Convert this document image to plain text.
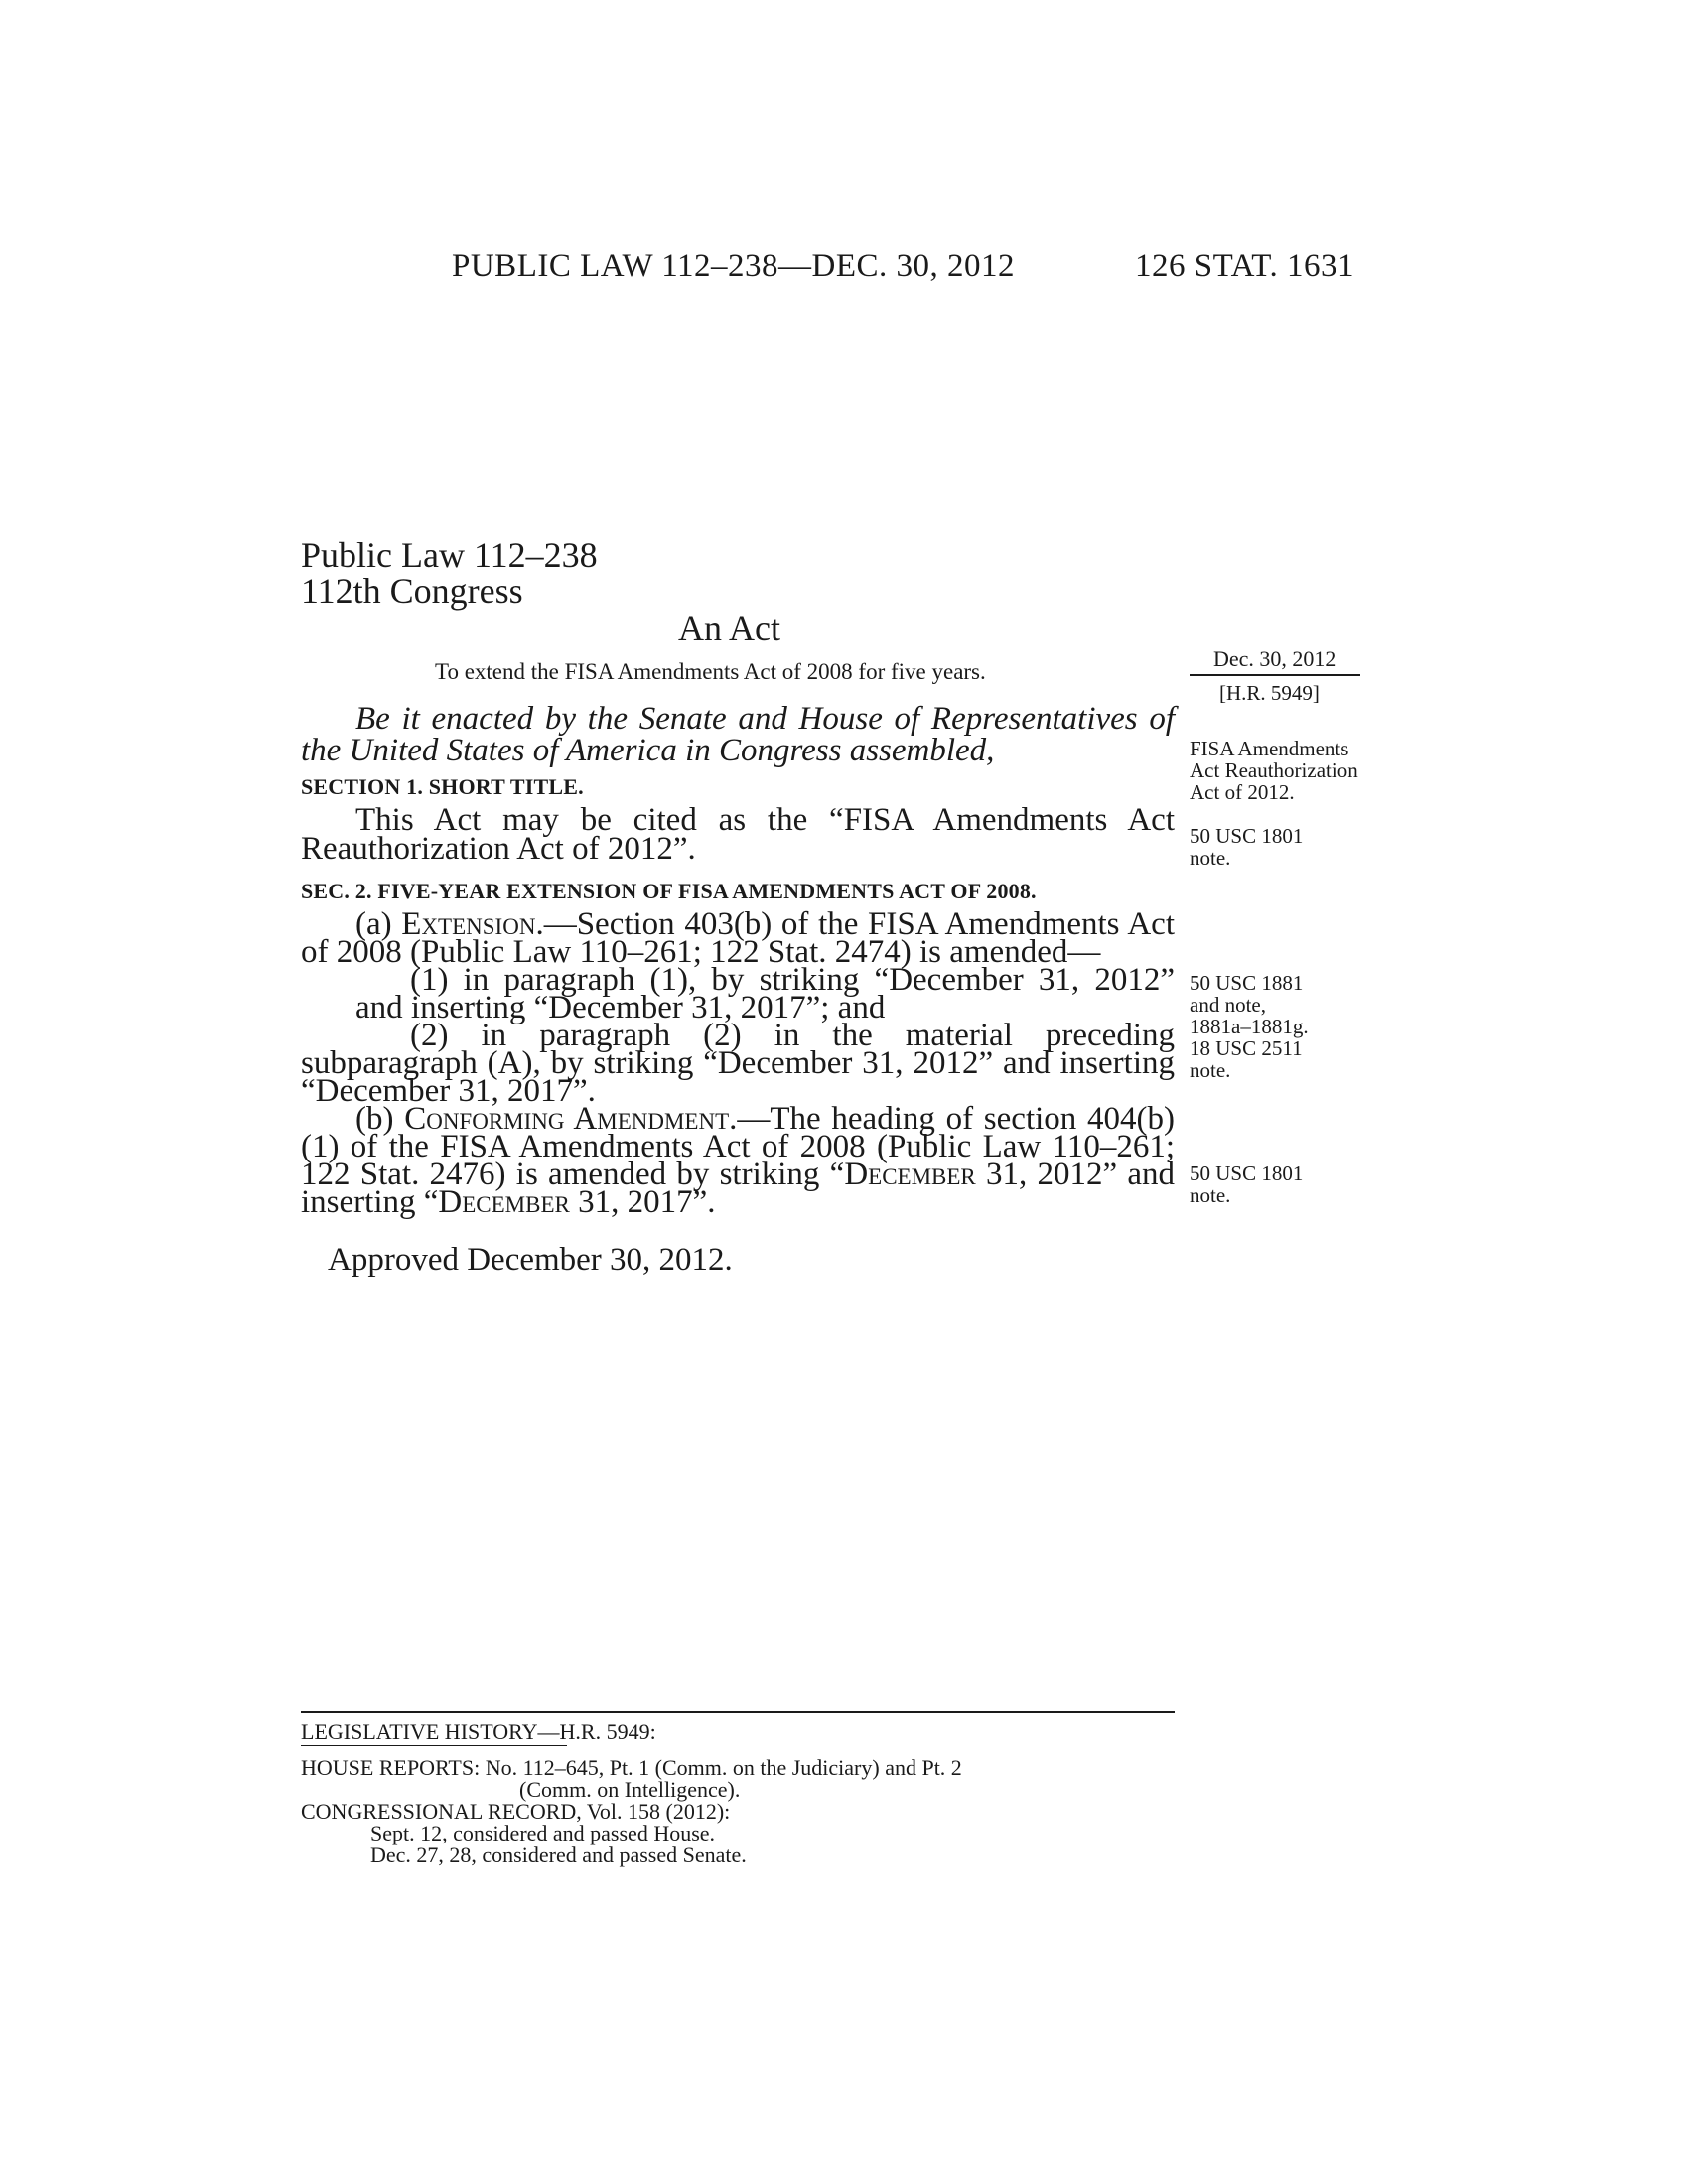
PUBLIC LAW 112–238—DEC. 30, 2012	126 STAT. 1631
Public Law 112–238
112th Congress
An Act
To extend the FISA Amendments Act of 2008 for five years.
Dec. 30, 2012
[H.R. 5949]
Be it enacted by the Senate and House of Representatives of the United States of America in Congress assembled,
SECTION 1. SHORT TITLE.
This Act may be cited as the “FISA Amendments Act Reauthorization Act of 2012”.
FISA Amendments Act Reauthorization Act of 2012.
50 USC 1801 note.
SEC. 2. FIVE-YEAR EXTENSION OF FISA AMENDMENTS ACT OF 2008.
(a) Extension.—Section 403(b) of the FISA Amendments Act of 2008 (Public Law 110–261; 122 Stat. 2474) is amended—
(1) in paragraph (1), by striking “December 31, 2012” and inserting “December 31, 2017”; and
(2) in paragraph (2) in the material preceding subparagraph (A), by striking “December 31, 2012” and inserting “December 31, 2017”.
(b) Conforming Amendment.—The heading of section 404(b)(1) of the FISA Amendments Act of 2008 (Public Law 110–261; 122 Stat. 2476) is amended by striking “December 31, 2012” and inserting “December 31, 2017”.
50 USC 1881 and note, 1881a–1881g.
18 USC 2511 note.
50 USC 1801 note.
Approved December 30, 2012.
LEGISLATIVE HISTORY—H.R. 5949:
HOUSE REPORTS: No. 112–645, Pt. 1 (Comm. on the Judiciary) and Pt. 2
(Comm. on Intelligence).
CONGRESSIONAL RECORD, Vol. 158 (2012):
Sept. 12, considered and passed House.
Dec. 27, 28, considered and passed Senate.
